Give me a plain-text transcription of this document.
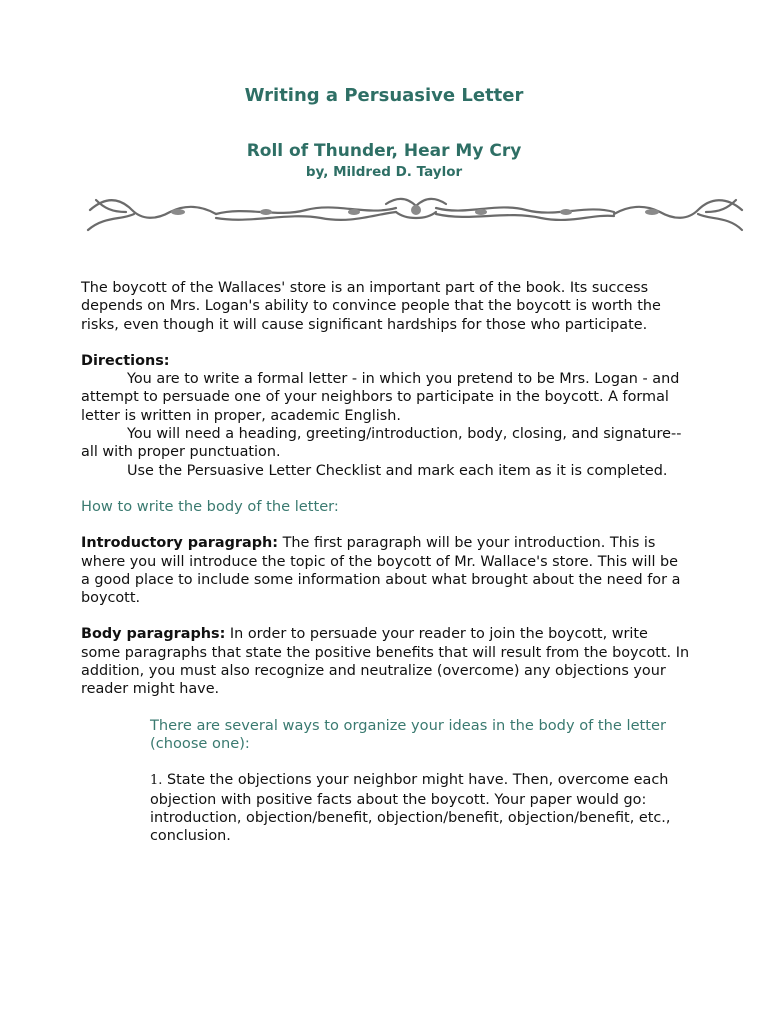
Writing a Persuasive Letter
Roll of Thunder, Hear My Cry
by, Mildred D. Taylor

The boycott of the Wallaces' store is an important part of the book. Its success depends on Mrs. Logan's ability to convince people that the boycott is worth the risks, even though it will cause significant hardships for those who participate.

Directions:

You are to write a formal letter - in which you pretend to be Mrs. Logan - and attempt to persuade one of your neighbors to participate in the boycott. A formal letter is written in proper, academic English.

You will need a heading, greeting/introduction, body, closing, and signature--all with proper punctuation.

Use the Persuasive Letter Checklist and mark each item as it is completed.

How to write the body of the letter:

Introductory paragraph: The first paragraph will be your introduction. This is where you will introduce the topic of the boycott of Mr. Wallace's store. This will be a good place to include some information about what brought about the need for a boycott.

Body paragraphs: In order to persuade your reader to join the boycott, write some paragraphs that state the positive benefits that will result from the boycott. In addition, you must also recognize and neutralize (overcome) any objections your reader might have.

There are several ways to organize your ideas in the body of the letter (choose one):

1. State the objections your neighbor might have. Then, overcome each objection with positive facts about the boycott. Your paper would go: introduction, objection/benefit, objection/benefit, objection/benefit, etc., conclusion.
